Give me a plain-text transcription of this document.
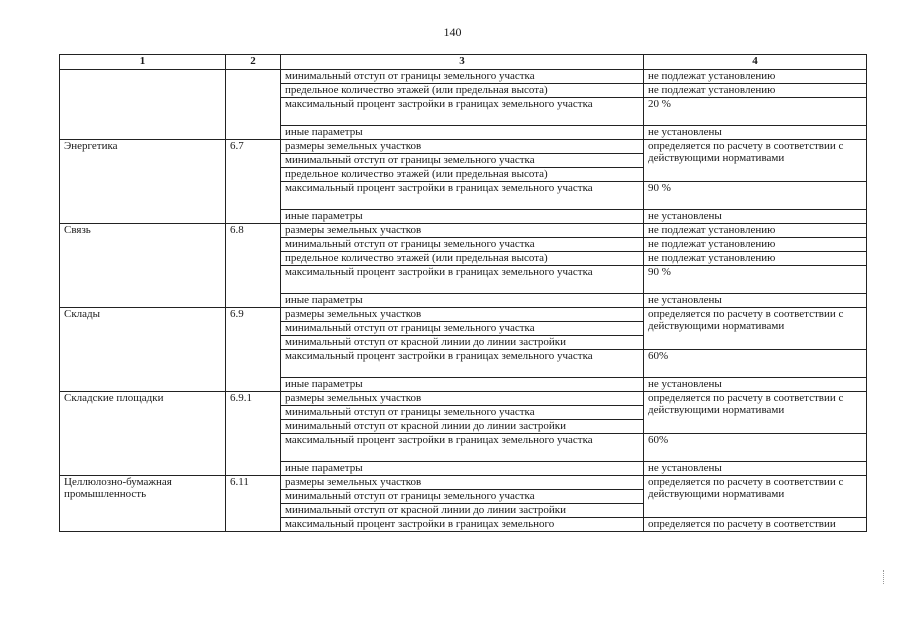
140
1	2	3	4
		минимальный отступ от границы земельного участка	не подлежат установлению
		предельное количество этажей (или предельная высота)	не подлежат установлению
		максимальный процент застройки в границах земельного участка	20 %
		иные параметры	не установлены
Энергетика	6.7	размеры земельных участков	определяется по расчету в соответствии с действующими нормативами
		минимальный отступ от границы земельного участка	
		предельное количество этажей (или предельная высота)	
		максимальный процент застройки в границах земельного участка	90 %
		иные параметры	не установлены
Связь	6.8	размеры земельных участков	не подлежат установлению
		минимальный отступ от границы земельного участка	не подлежат установлению
		предельное количество этажей (или предельная высота)	не подлежат установлению
		максимальный процент застройки в границах земельного участка	90 %
		иные параметры	не установлены
Склады	6.9	размеры земельных участков	определяется по расчету в соответствии с действующими нормативами
		минимальный отступ от границы земельного участка	
		минимальный отступ от красной линии до линии застройки	
		максимальный процент застройки в границах земельного участка	60%
		иные параметры	не установлены
Складские площадки	6.9.1	размеры земельных участков	определяется по расчету в соответствии с действующими нормативами
		минимальный отступ от границы земельного участка	
		минимальный отступ от красной линии до линии застройки	
		максимальный процент застройки в границах земельного участка	60%
		иные параметры	не установлены
Целлюлозно-бумажная промышленность	6.11	размеры земельных участков	определяется по расчету в соответствии с действующими нормативами
		минимальный отступ от границы земельного участка	
		минимальный отступ от красной линии до линии застройки	
		максимальный процент застройки в границах земельного	определяется по расчету в соответствии
